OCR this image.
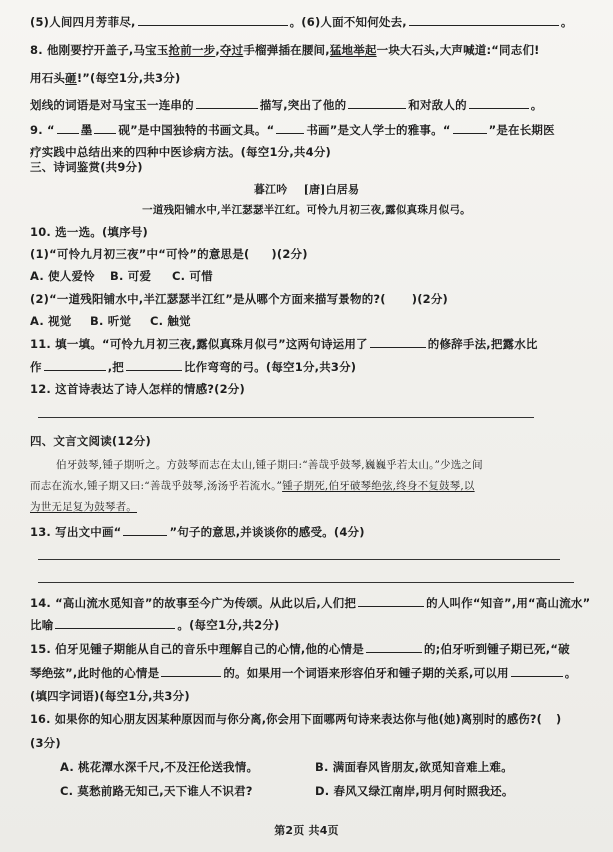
(5)人间四月芳菲尽,	。(6)人面不知何处去,	。
8. 他刚要拧开盖子,马宝玉抢前一步,夺过手榴弹插在腰间,猛地举起一块大石头,大声喊道:“同志们!
用石头砸!”(每空1分,共3分)
划线的词语是对马宝玉一连串的	描写,突出了他的	和对敌人的	。
9. “ 墨 砚”是中国独特的书画文具。“	书画”是文人学士的雅事。“	”是在长期医
疗实践中总结出来的四种中医诊病方法。(每空1分,共4分)
三、诗词鉴赏(共9分)
暮江吟 [唐]白居易
一道残阳铺水中,半江瑟瑟半江红。可怜九月初三夜,露似真珠月似弓。
10. 选一选。(填序号)
(1)“可怜九月初三夜”中“可怜”的意思是( )(2分)
A. 使人爱怜 B. 可爱 C. 可惜
(2)“一道残阳铺水中,半江瑟瑟半江红”是从哪个方面来描写景物的?( )(2分)
A. 视觉 B. 听觉 C. 触觉
11. 填一填。“可怜九月初三夜,露似真珠月似弓”这两句诗运用了	的修辞手法,把露水比
作	,把	比作弯弯的弓。(每空1分,共3分)
12. 这首诗表达了诗人怎样的情感?(2分)
四、文言文阅读(12分)
伯牙鼓琴,锺子期听之。方鼓琴而志在太山,锺子期曰:“善哉乎鼓琴,巍巍乎若太山。”少选之间
而志在流水,锺子期又曰:“善哉乎鼓琴,汤汤乎若流水。”锺子期死,伯牙破琴绝弦,终身不复鼓琴,以
为世无足复为鼓琴者。
13. 写出文中画“	”句子的意思,并谈谈你的感受。(4分)
14. “高山流水觅知音”的故事至今广为传颂。从此以后,人们把	的人叫作“知音”,用“高山流水”
比喻	。(每空1分,共2分)
15. 伯牙见锺子期能从自己的音乐中理解自己的心情,他的心情是	的;伯牙听到锺子期已死,“破
琴绝弦”,此时他的心情是	的。如果用一个词语来形容伯牙和锺子期的关系,可以用	。
(填四字词语)(每空1分,共3分)
16. 如果你的知心朋友因某种原因而与你分离,你会用下面哪两句诗来表达你与他(她)离别时的感伤?( )
(3分)
A. 桃花潭水深千尺,不及汪伦送我情。	B. 满面春风皆朋友,欲觅知音难上难。
C. 莫愁前路无知己,天下谁人不识君?	D. 春风又绿江南岸,明月何时照我还。
第2页 共4页
